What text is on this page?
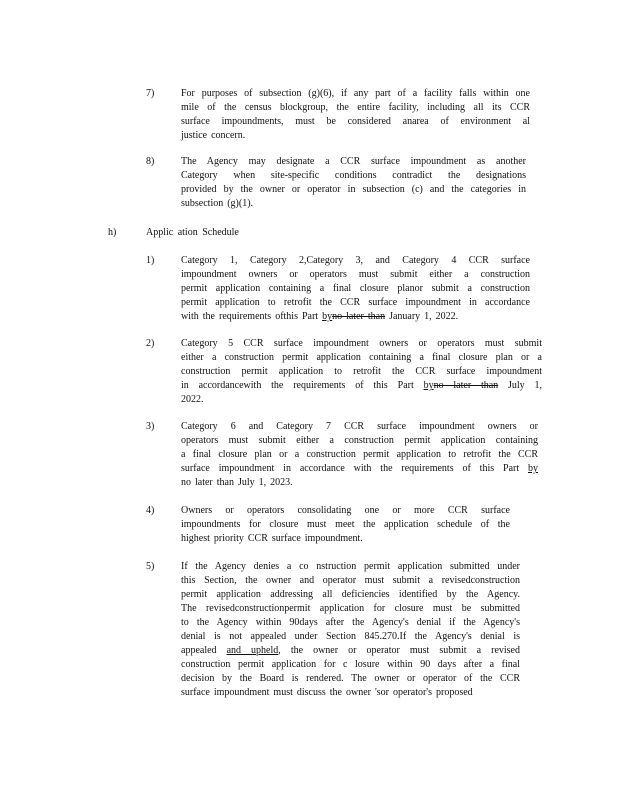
7)	For purposes of subsection (g)(6), if any part of a facility falls within one
mile of the census blockgroup, the entire facility, including all its CCR
surface impoundments, must be considered anarea of environment al
justice concern.
8)	The Agency may designate a CCR surface impoundment as another
Category when site-specific conditions contradict the designations
provided by the owner or operator in subsection (c) and the categories in
subsection (g)(1).
h)	Applic ation Schedule
1)	Category 1, Category 2,Category 3, and Category 4 CCR surface
impoundment owners or operators must submit either a construction
permit application containing a final closure planor submit a construction
permit application to retrofit the CCR surface impoundment in accordance
with the requirements ofthis Part byno later than January 1, 2022.
2)	Category 5 CCR surface impoundment owners or operators must submit
either a construction permit application containing a final closure plan or a
construction permit application to retrofit the CCR surface impoundment
in accordancewith the requirements of this Part byno later than July 1,
2022.
3)	Category 6 and Category 7 CCR surface impoundment owners or
operators must submit either a construction permit application containing
a final closure plan or a construction permit application to retrofit the CCR
surface impoundment in accordance with the requirements of this Part by
no later than July 1, 2023.
4)	Owners or operators consolidating one or more CCR surface
impoundments for closure must meet the application schedule of the
highest priority CCR surface impoundment.
5)	If the Agency denies a co nstruction permit application submitted under
this Section, the owner and operator must submit a revisedconstruction
permit application addressing all deficiencies identified by the Agency.
The revisedconstructionpermit application for closure must be submitted
to the Agency within 90days after the Agency's denial if the Agency's
denial is not appealed under Section 845.270.If the Agency's denial is
appealed and upheld, the owner or operator must submit a revised
construction permit application for c losure within 90 days after a final
decision by the Board is rendered. The owner or operator of the CCR
surface impoundment must discuss the owner 'sor operator's proposed
